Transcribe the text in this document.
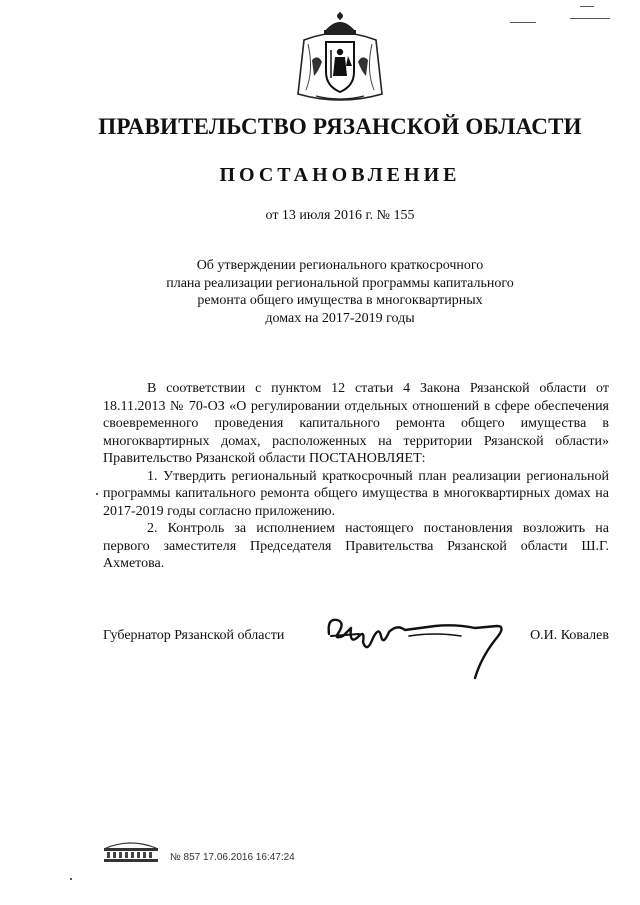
ПРАВИТЕЛЬСТВО РЯЗАНСКОЙ ОБЛАСТИ
ПОСТАНОВЛЕНИЕ
от 13 июля 2016 г. № 155
Об утверждении регионального краткосрочного
плана реализации региональной программы капитального
ремонта общего имущества в многоквартирных
домах на 2017-2019 годы

В соответствии с пунктом 12 статьи 4 Закона Рязанской области от 18.11.2013 № 70-ОЗ «О регулировании отдельных отношений в сфере обеспечения своевременного проведения капитального ремонта общего имущества в многоквартирных домах, расположенных на территории Рязанской области» Правительство Рязанской области ПОСТАНОВЛЯЕТ:

1. Утвердить региональный краткосрочный план реализации региональной программы капитального ремонта общего имущества в многоквартирных домах на 2017-2019 годы согласно приложению.

2. Контроль за исполнением настоящего постановления возложить на первого заместителя Председателя Правительства Рязанской области Ш.Г. Ахметова.

Губернатор Рязанской области	О.И. Ковалев
№ 857 17.06.2016 16:47:24
